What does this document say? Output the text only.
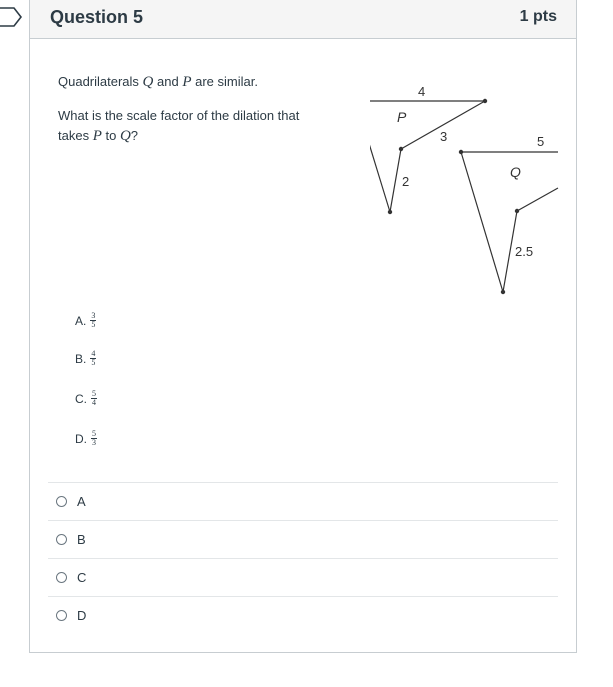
Question 5	1 pts
Quadrilaterals Q and P are similar.
What is the scale factor of the dilation that
takes P to Q?
P
4
3
2
Q
5
2.5
A. $\frac{3}{5}$
B. $\frac{4}{5}$
C. $\frac{5}{4}$
D. $\frac{5}{3}$
A
B
C
D
